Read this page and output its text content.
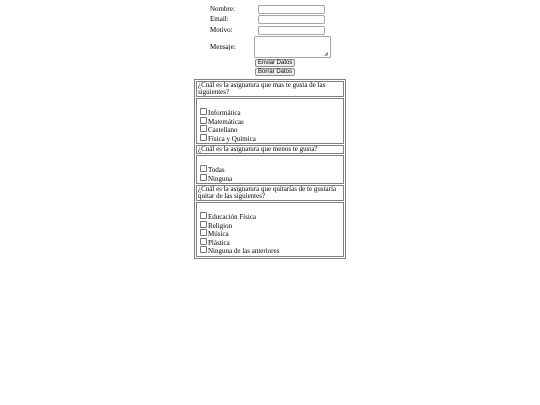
Nombre:
Email:
Motivo:
Mensaje:
◢
Enviar Datos
Borrar Datos
¿Cuál es la asignatura que mas te gusta de las siguientes?

Informática
Matemáticas
Castellano
Física y Química

¿Cuál es la asignatura que menos te gusta?

Todas
Ninguna

¿Cuál es la asignatura que quitarías de te gustaría quitar de las siguientes?

Educación Física
Religion
Música
Plástica
Ninguna de las anteriores
